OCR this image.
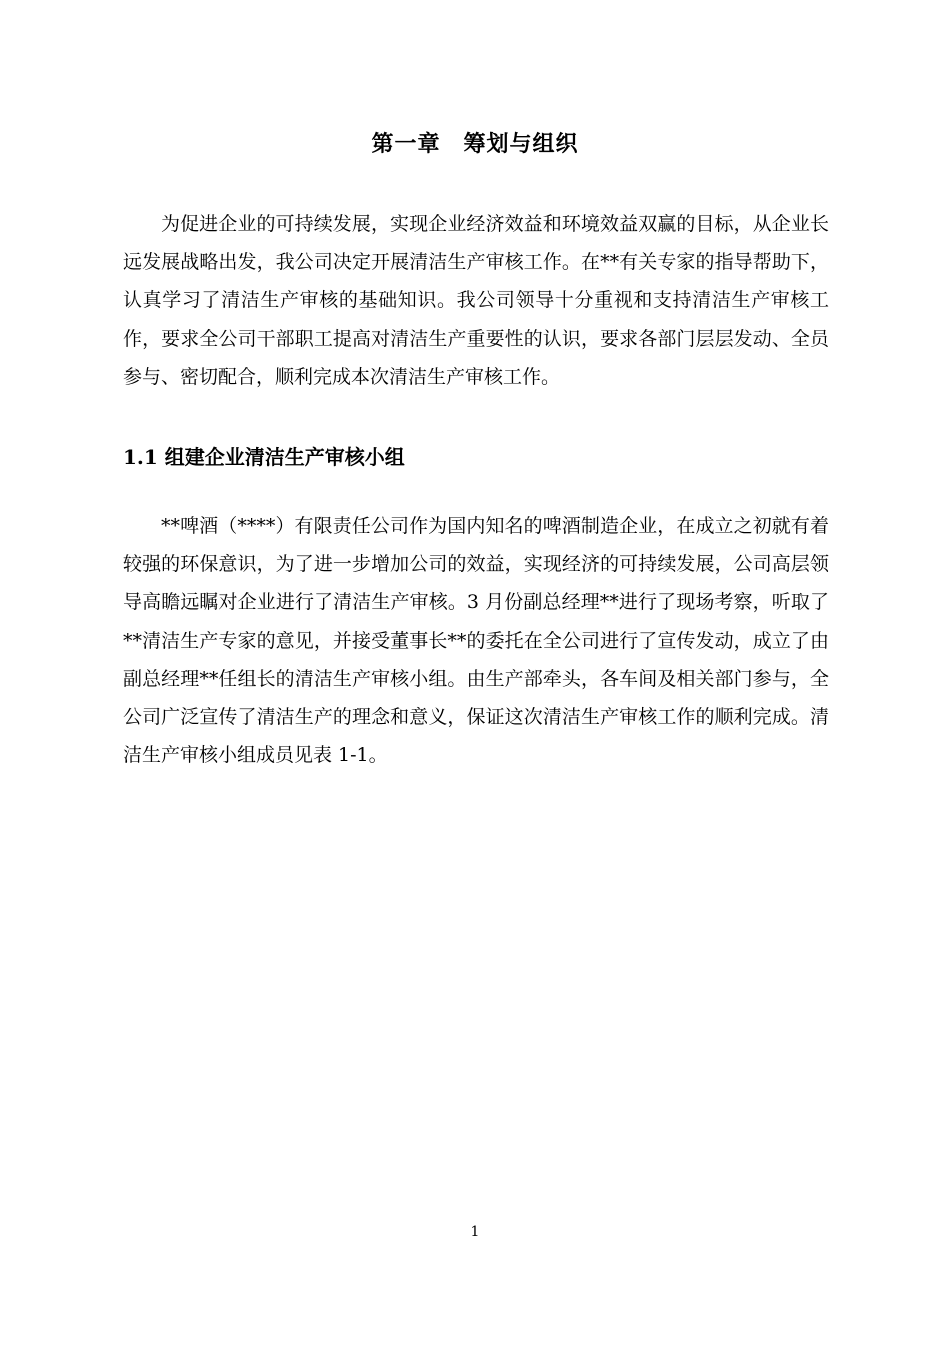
第一章　筹划与组织

为促进企业的可持续发展，实现企业经济效益和环境效益双赢的目标，从企业长远发展战略出发，我公司决定开展清洁生产审核工作。在**有关专家的指导帮助下，认真学习了清洁生产审核的基础知识。我公司领导十分重视和支持清洁生产审核工作，要求全公司干部职工提高对清洁生产重要性的认识，要求各部门层层发动、全员参与、密切配合，顺利完成本次清洁生产审核工作。

1.1 组建企业清洁生产审核小组

**啤酒（****）有限责任公司作为国内知名的啤酒制造企业，在成立之初就有着较强的环保意识，为了进一步增加公司的效益，实现经济的可持续发展，公司高层领导高瞻远瞩对企业进行了清洁生产审核。3 月份副总经理**进行了现场考察，听取了**清洁生产专家的意见，并接受董事长**的委托在全公司进行了宣传发动，成立了由副总经理**任组长的清洁生产审核小组。由生产部牵头，各车间及相关部门参与，全公司广泛宣传了清洁生产的理念和意义，保证这次清洁生产审核工作的顺利完成。清洁生产审核小组成员见表 1-1。

1
